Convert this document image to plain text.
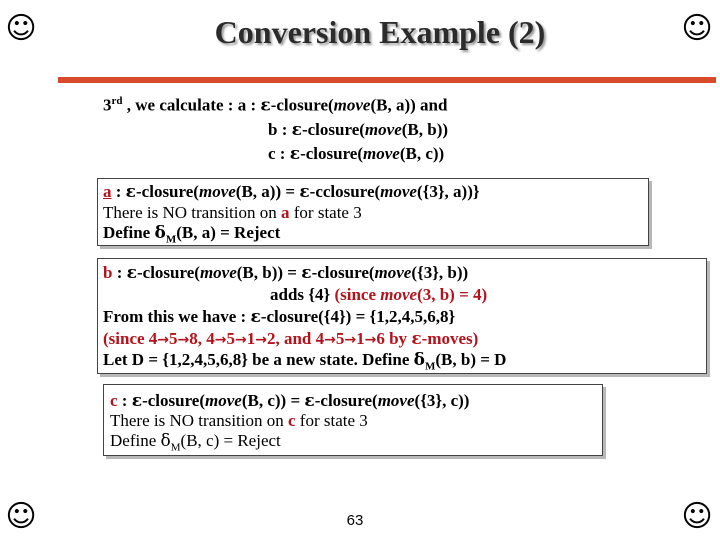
☺	☺
☺	☺
Conversion Example (2)
3rd , we calculate : a : ε-closure(move(B, a)) and
b : ε-closure(move(B, b))
c : ε-closure(move(B, c))
a : ε-closure(move(B, a)) = ε-cclosure(move({3}, a))}
There is NO transition on a for state 3
Define $\delta_M(B$, a) = Reject
b : ε-closure(move(B, b)) = ε-closure(move({3}, b))
adds {4} (since move(3, b) = 4)
From this we have : ε-closure({4}) = {1,2,4,5,6,8}
(since 4→5→8, 4→5→1→2, and 4→5→1→6 by ε-moves)
Let D = {1,2,4,5,6,8} be a new state. Define $\delta_M(B$, b) = D
c : ε-closure(move(B, c)) = ε-closure(move({3}, c))
There is NO transition on c for state 3
Define $\delta_M(B$, c) = Reject
63
